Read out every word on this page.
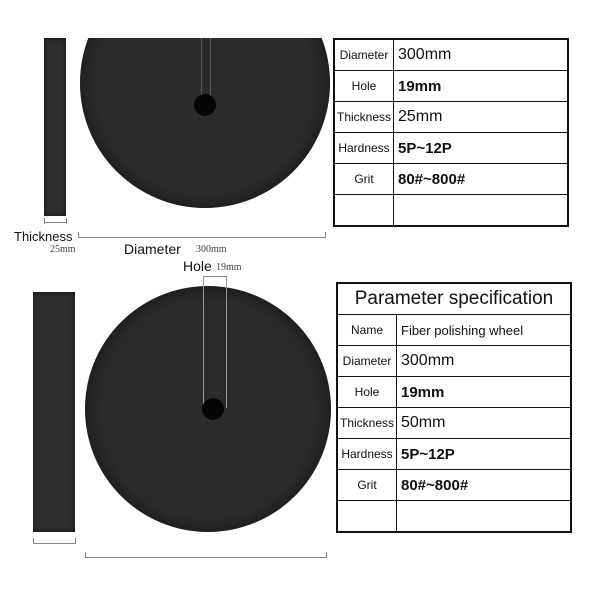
Thickness
25mm	Diameter 300mm
Diameter	300mm
Hole	19mm
Thickness	25mm
Hardness	5P~12P
Grit	80#~800#

Hole 19mm
Parameter specification	
Name	Fiber polishing wheel
Diameter	300mm
Hole	19mm
Thickness	50mm
Hardness	5P~12P
Grit	80#~800#
